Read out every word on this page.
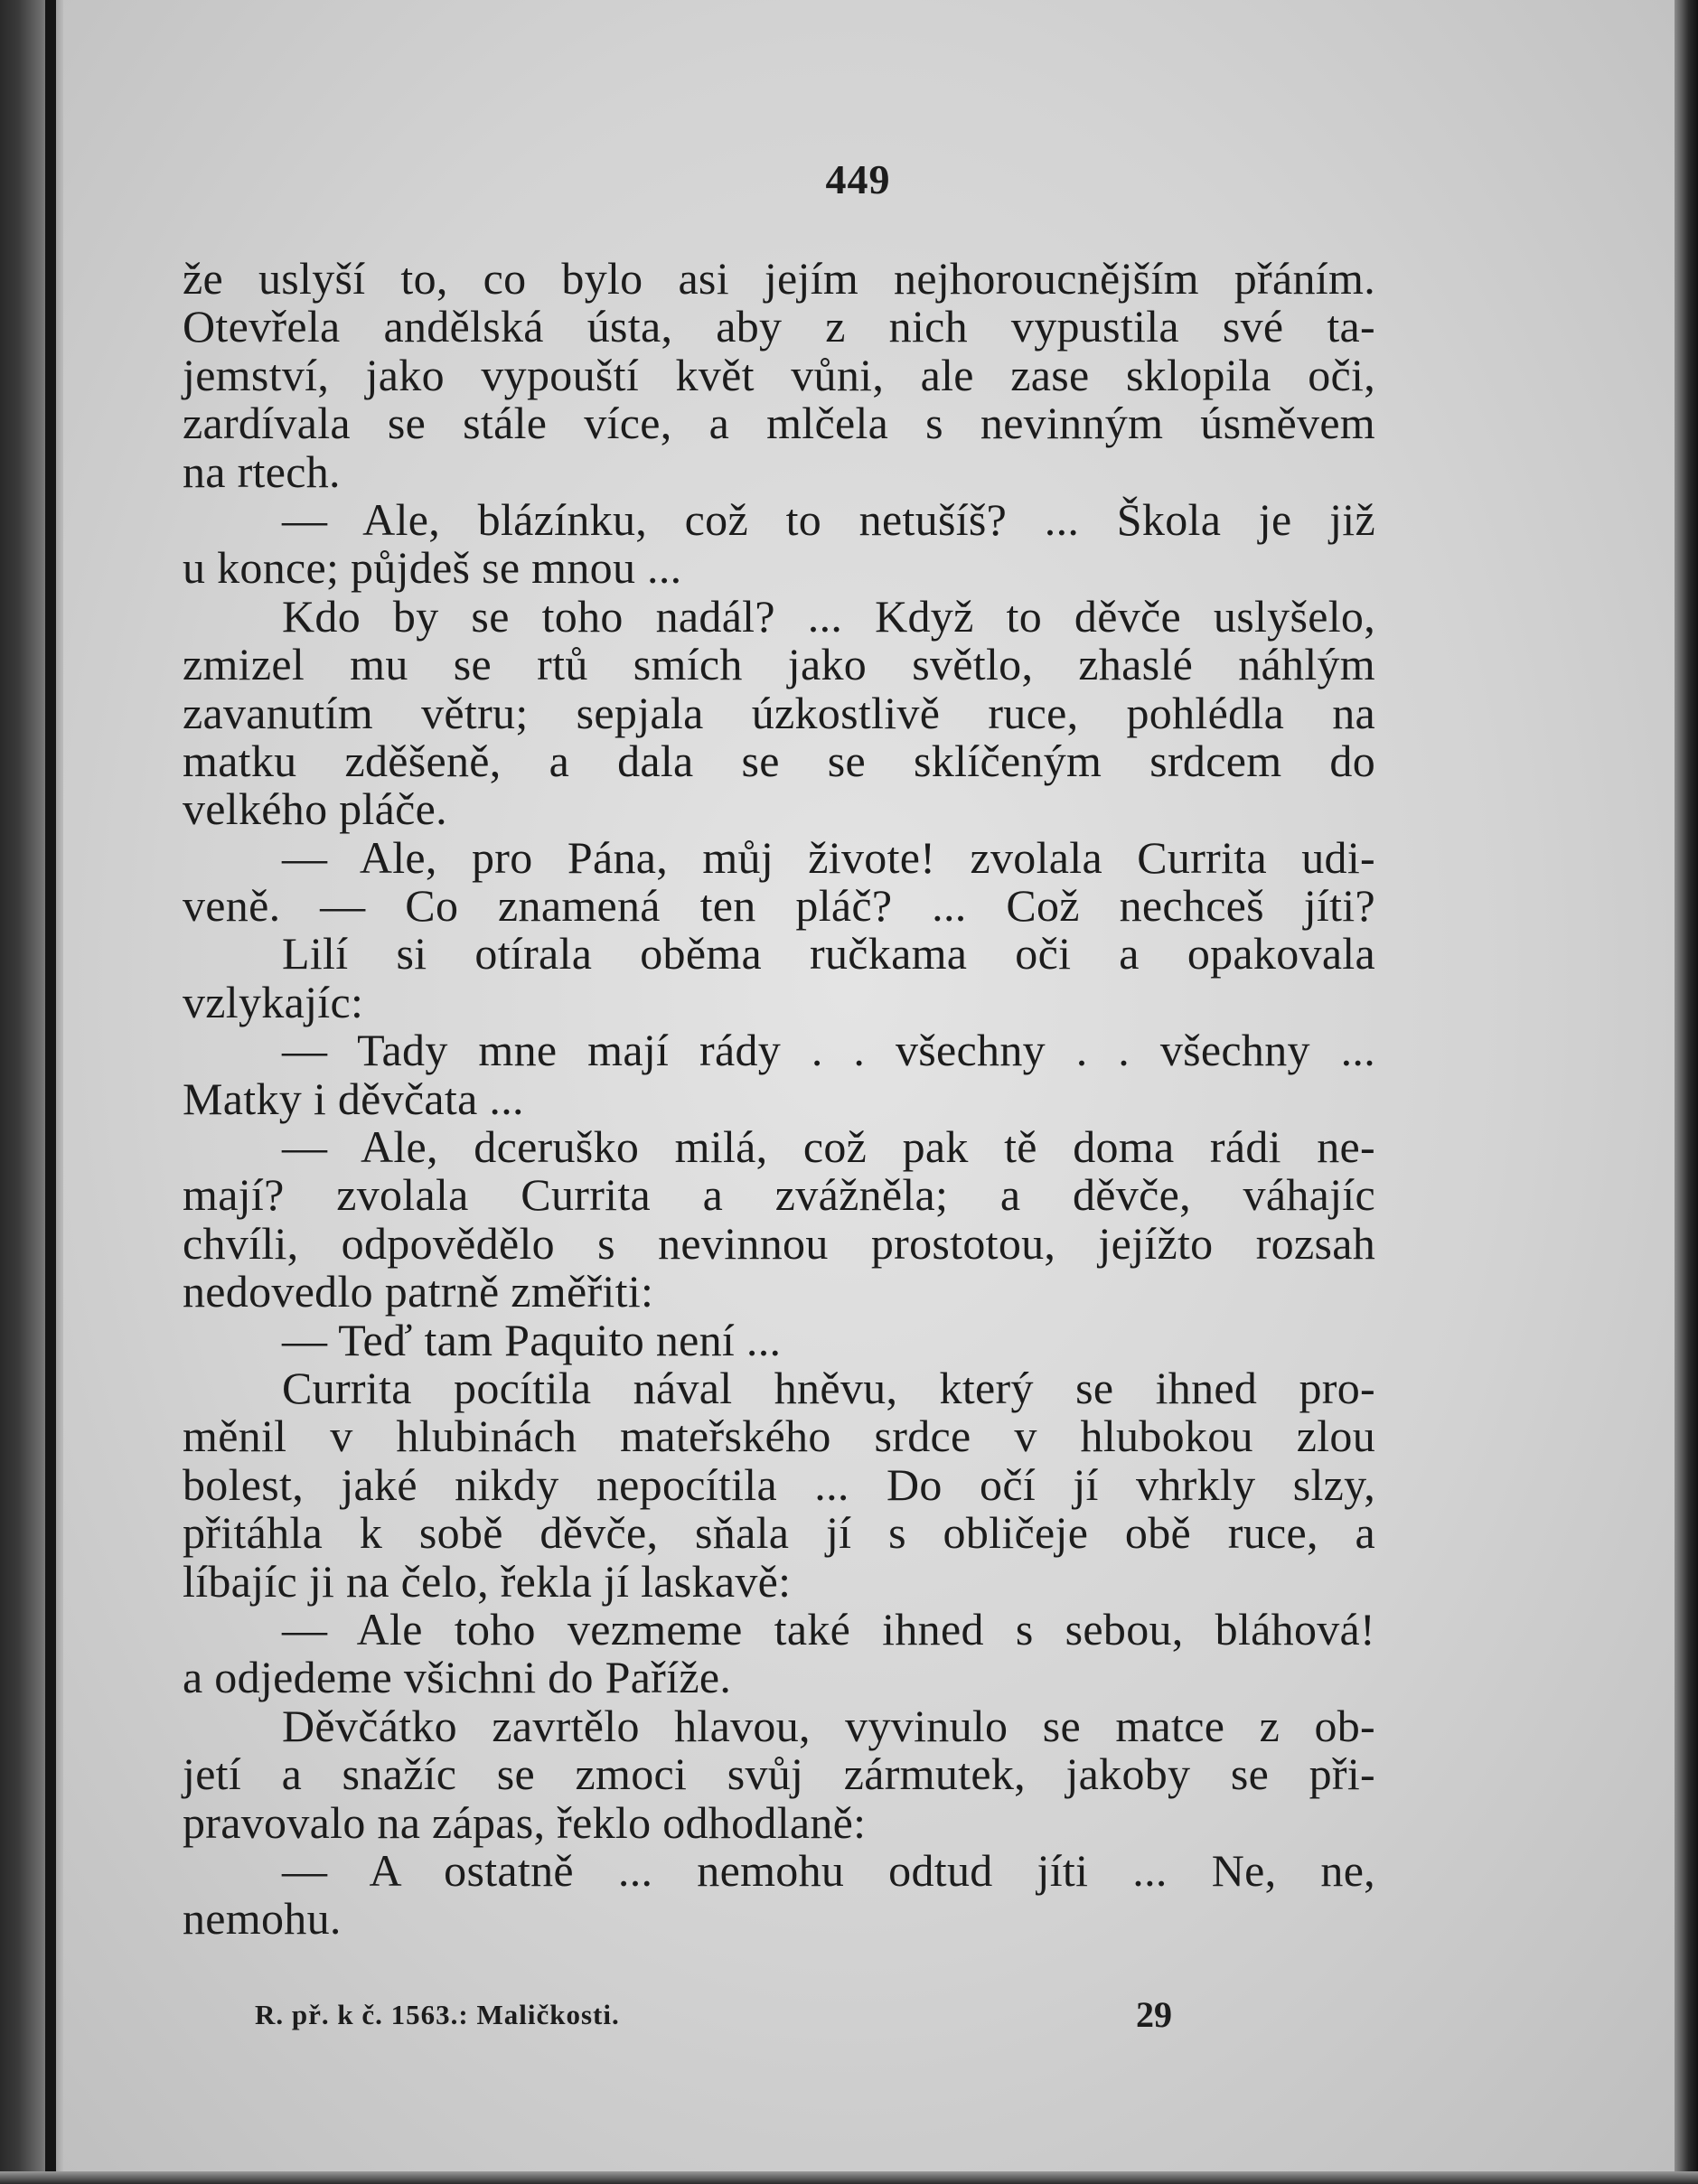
449
že uslyší to, co bylo asi jejím nejhoroucnějším přáním.
Otevřela andělská ústa, aby z nich vypustila své ta-
jemství, jako vypouští květ vůni, ale zase sklopila oči,
zardívala se stále více, a mlčela s nevinným úsměvem
na rtech.
— Ale, blázínku, což to netušíš? ... Škola je již
u konce; půjdeš se mnou ...
Kdo by se toho nadál? ... Když to děvče uslyšelo,
zmizel mu se rtů smích jako světlo, zhaslé náhlým
zavanutím větru; sepjala úzkostlivě ruce, pohlédla na
matku zděšeně, a dala se se sklíčeným srdcem do
velkého pláče.
— Ale, pro Pána, můj živote! zvolala Currita udi-
veně. — Co znamená ten pláč? ... Což nechceš jíti?
Lilí si otírala oběma ručkama oči a opakovala
vzlykajíc:
— Tady mne mají rády . . všechny . . všechny ...
Matky i děvčata ...
— Ale, dceruško milá, což pak tě doma rádi ne-
mají? zvolala Currita a zvážněla; a děvče, váhajíc
chvíli, odpovědělo s nevinnou prostotou, jejížto rozsah
nedovedlo patrně změřiti:
— Teď tam Paquito není ...
Currita pocítila nával hněvu, který se ihned pro-
měnil v hlubinách mateřského srdce v hlubokou zlou
bolest, jaké nikdy nepocítila ... Do očí jí vhrkly slzy,
přitáhla k sobě děvče, sňala jí s obličeje obě ruce, a
líbajíc ji na čelo, řekla jí laskavě:
— Ale toho vezmeme také ihned s sebou, bláhová!
a odjedeme všichni do Paříže.
Děvčátko zavrtělo hlavou, vyvinulo se matce z ob-
jetí a snažíc se zmoci svůj zármutek, jakoby se při-
pravovalo na zápas, řeklo odhodlaně:
— A ostatně ... nemohu odtud jíti ... Ne, ne,
nemohu.
R. př. k č. 1563.: Maličkosti.	29
